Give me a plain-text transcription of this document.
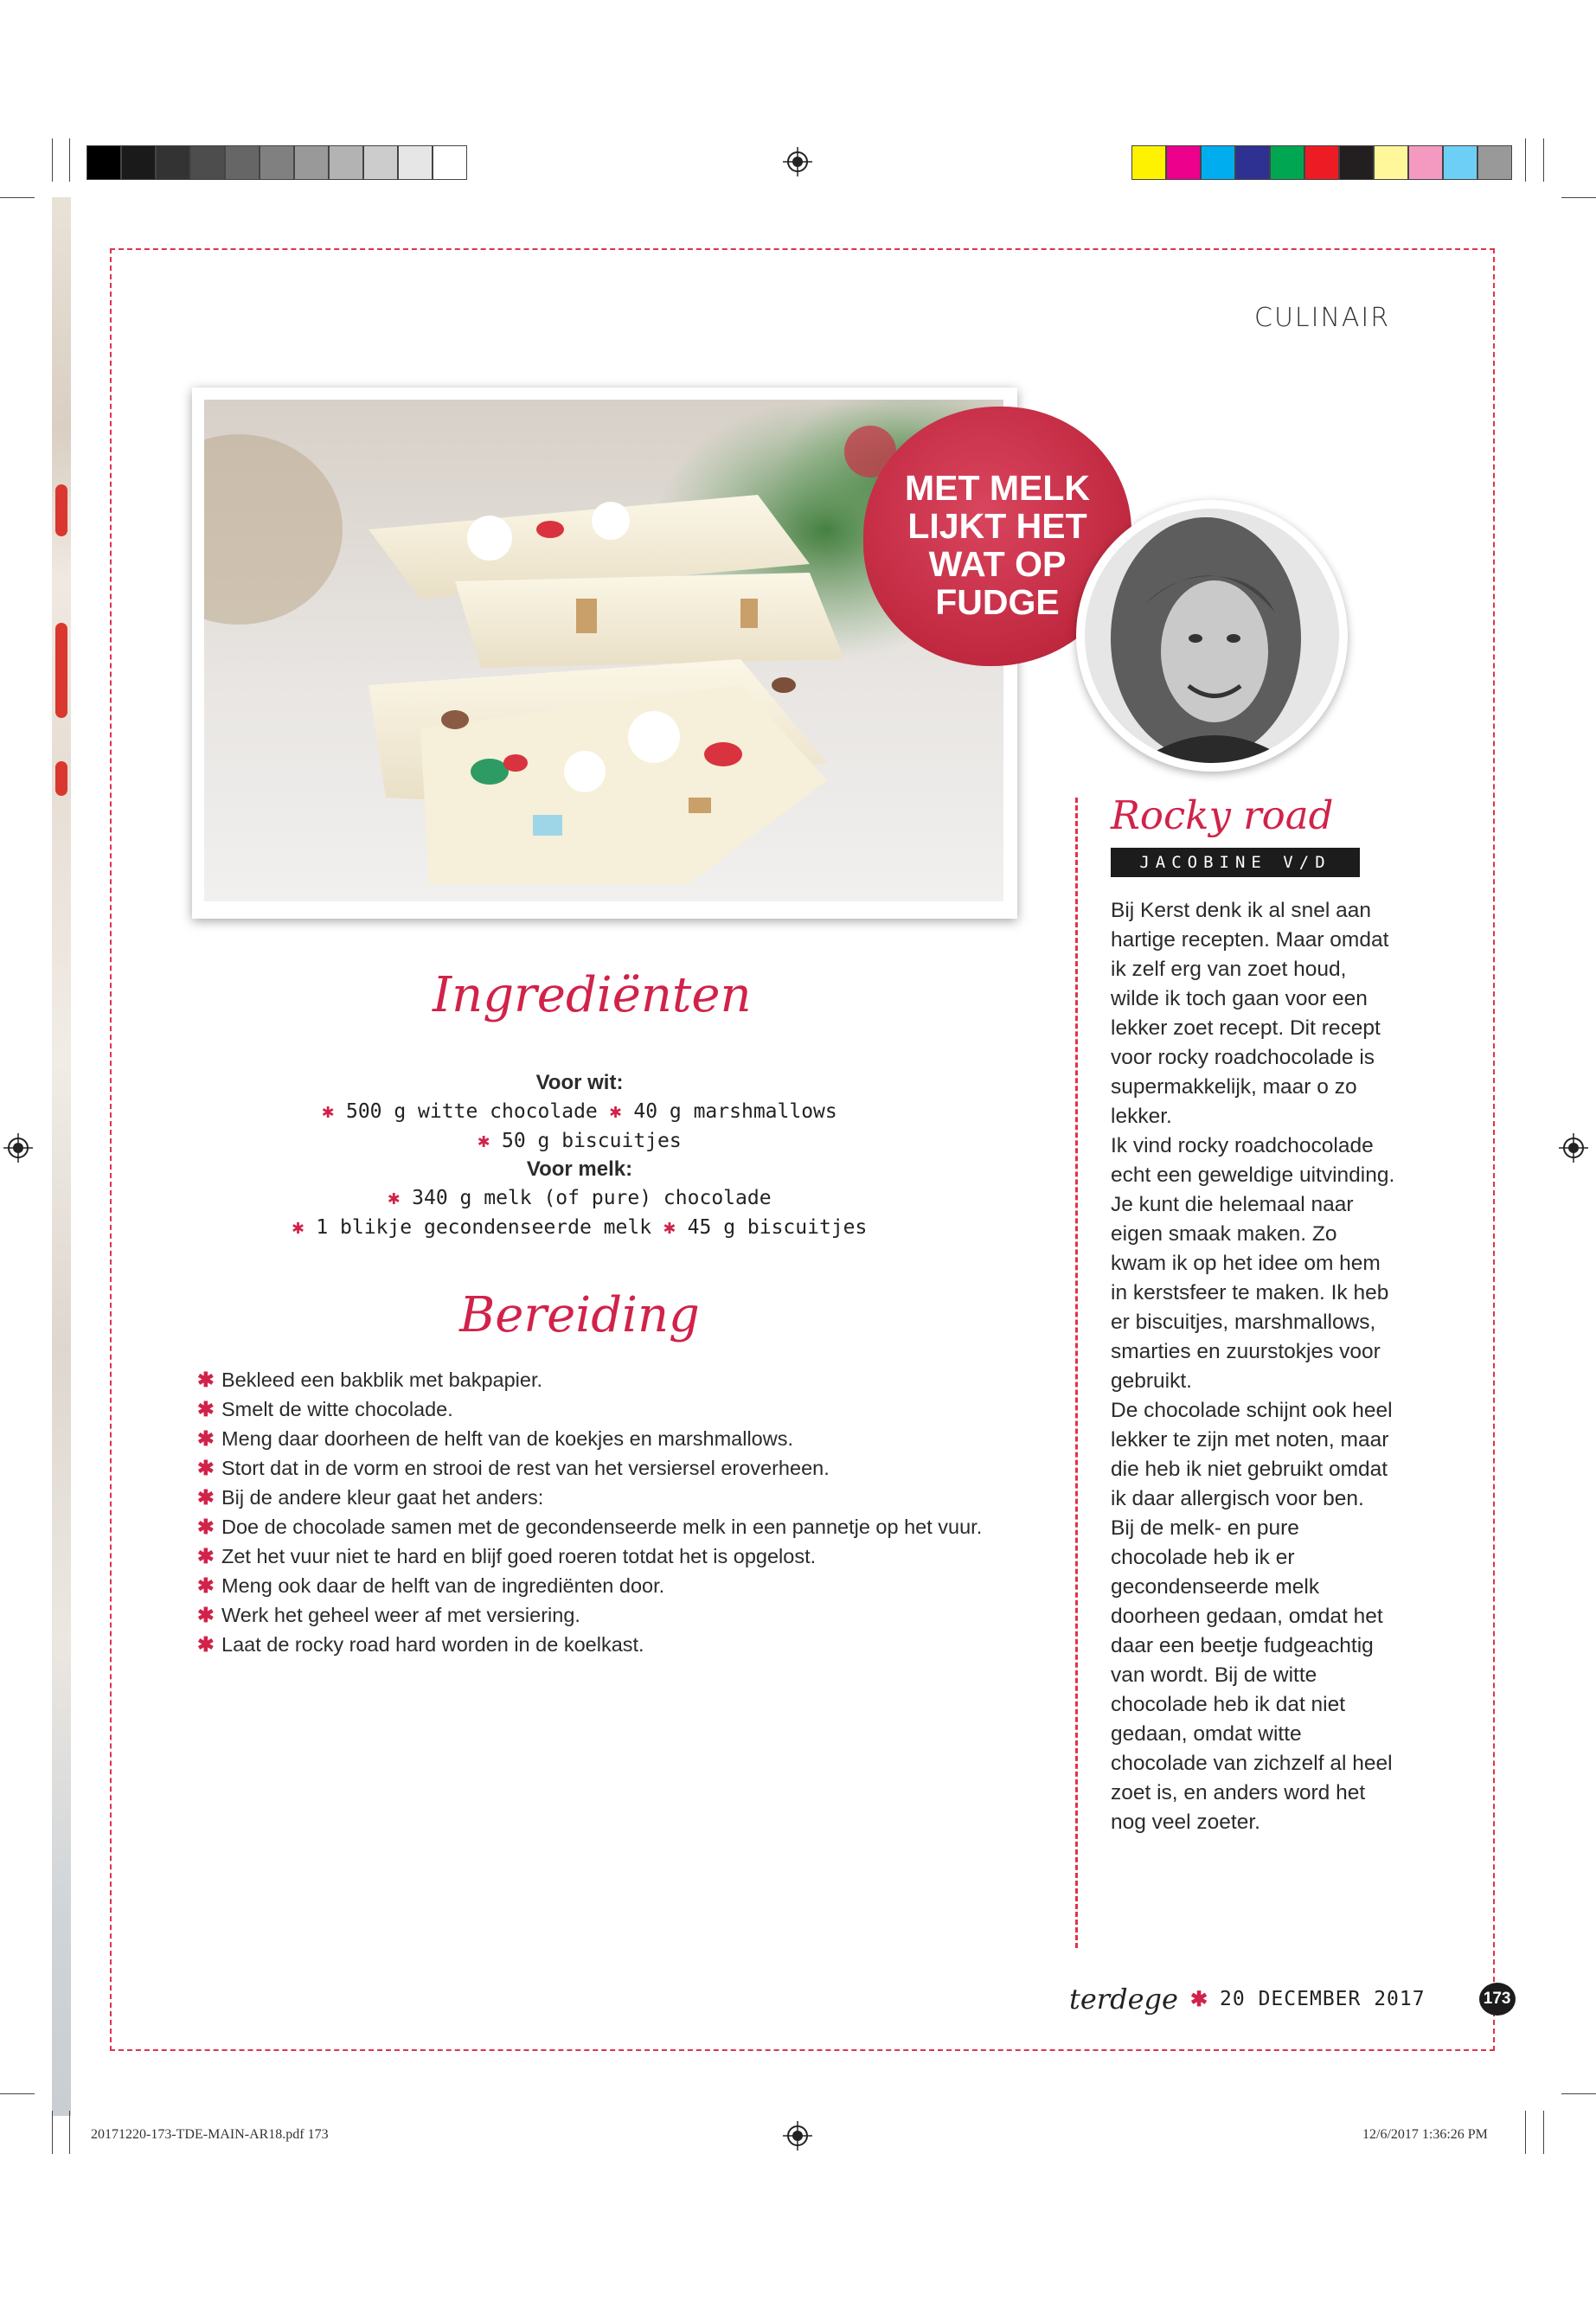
20171220-173-TDE-MAIN-AR18.pdf 173	12/6/2017 1:36:26 PM
CULINAIR
MET MELK
LIJKT HET
WAT OP
FUDGE
Rocky road
JACOBINE V/D BOS

Bij Kerst denk ik al snel aan hartige recepten. Maar omdat ik zelf erg van zoet houd, wilde ik toch gaan voor een lekker zoet recept. Dit recept voor rocky roadchocolade is supermakkelijk, maar o zo lekker.

Ik vind rocky roadchocolade echt een geweldige uitvinding. Je kunt die helemaal naar eigen smaak maken. Zo kwam ik op het idee om hem in kerstsfeer te maken. Ik heb er biscuitjes, marshmallows, smarties en zuurstokjes voor gebruikt.

De chocolade schijnt ook heel lekker te zijn met noten, maar die heb ik niet gebruikt omdat ik daar allergisch voor ben.

Bij de melk- en pure chocolade heb ik er gecondenseerde melk doorheen gedaan, omdat het daar een beetje fudgeachtig van wordt. Bij de witte chocolade heb ik dat niet gedaan, omdat witte chocolade van zichzelf al heel zoet is, en anders word het nog veel zoeter.

Ingrediënten
Voor wit:
✱ 500 g witte chocolade ✱ 40 g marshmallows
✱ 50 g biscuitjes
Voor melk:
✱ 340 g melk (of pure) chocolade
✱ 1 blikje gecondenseerde melk ✱ 45 g biscuitjes
Bereiding
✱ Bekleed een bakblik met bakpapier.
✱ Smelt de witte chocolade.
✱ Meng daar doorheen de helft van de koekjes en marshmallows.
✱ Stort dat in de vorm en strooi de rest van het versiersel eroverheen.
✱ Bij de andere kleur gaat het anders:
✱ Doe de chocolade samen met de gecondenseerde melk in een pannetje op het vuur.
✱ Zet het vuur niet te hard en blijf goed roeren totdat het is opgelost.
✱ Meng ook daar de helft van de ingrediënten door.
✱ Werk het geheel weer af met versiering.
✱ Laat de rocky road hard worden in de koelkast.
terdege ✱ 20 DECEMBER 2017	173
